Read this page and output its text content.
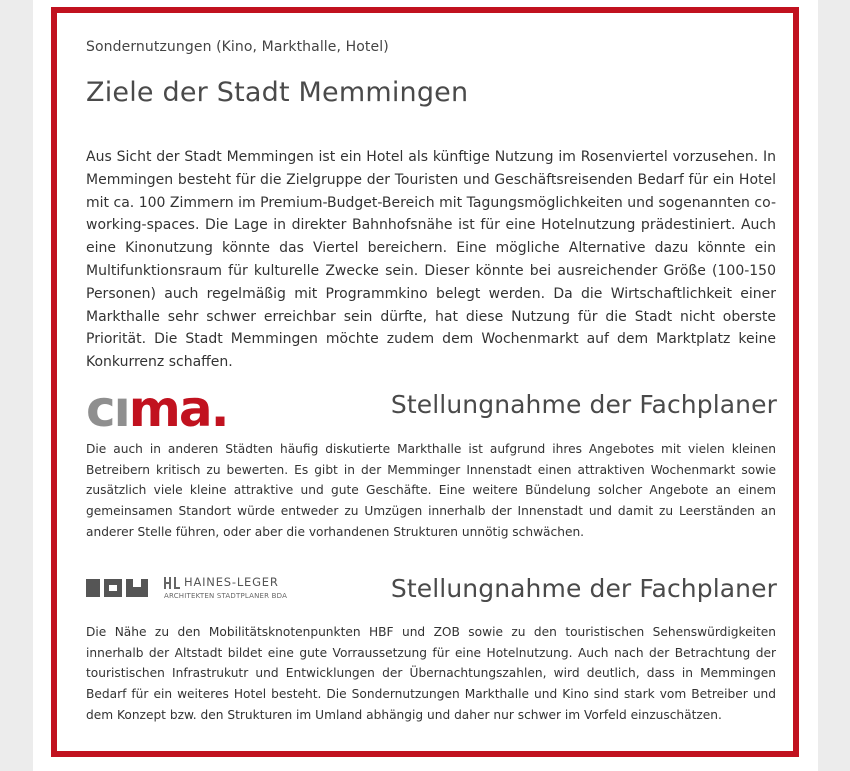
Sondernutzungen (Kino, Markthalle, Hotel)
Ziele der Stadt Memmingen

Aus Sicht der Stadt Memmingen ist ein Hotel als künftige Nutzung im Rosenviertel vorzusehen. In Memmingen besteht für die Zielgruppe der Touristen und Geschäftsreisenden Bedarf für ein Hotel mit ca. 100 Zimmern im Premium-Budget-Bereich mit Tagungsmöglichkeiten und sogenannten co-working-spaces. Die Lage in direkter Bahnhofsnähe ist für eine Hotelnutzung prädestiniert. Auch eine Kinonutzung könnte das Viertel bereichern. Eine mögliche Alternative dazu könnte ein Multifunktionsraum für kulturelle Zwecke sein. Dieser könnte bei ausreichender Größe (100-150 Personen) auch regelmäßig mit Programmkino belegt werden. Da die Wirtschaftlichkeit einer Markthalle sehr schwer erreichbar sein dürfte, hat diese Nutzung für die Stadt nicht oberste Priorität. Die Stadt Memmingen möchte zudem dem Wochenmarkt auf dem Marktplatz keine Konkurrenz schaffen.

cıma.	Stellungnahme der Fachplaner

Die auch in anderen Städten häufig diskutierte Markthalle ist aufgrund ihres Angebotes mit vielen kleinen Betreibern kritisch zu bewerten. Es gibt in der Memminger Innenstadt einen attraktiven Wochenmarkt sowie zusätzlich viele kleine attraktive und gute Geschäfte. Eine weitere Bündelung solcher Angebote an einem gemeinsamen Standort würde entweder zu Umzügen innerhalb der Innenstadt und damit zu Leerständen an anderer Stelle führen, oder aber die vorhandenen Strukturen unnötig schwächen.

HAINES-LEGER
ARCHITEKTEN STADTPLANER BDA	Stellungnahme der Fachplaner

Die Nähe zu den Mobilitätsknotenpunkten HBF und ZOB sowie zu den touristischen Sehenswürdigkeiten innerhalb der Altstadt bildet eine gute Vorraussetzung für eine Hotelnutzung. Auch nach der Betrachtung der touristischen Infrastrukutr und Entwicklungen der Übernachtungszahlen, wird deutlich, dass in Memmingen Bedarf für ein weiteres Hotel besteht. Die Sondernutzungen Markthalle und Kino sind stark vom Betreiber und dem Konzept bzw. den Strukturen im Umland abhängig und daher nur schwer im Vorfeld einzuschätzen.
